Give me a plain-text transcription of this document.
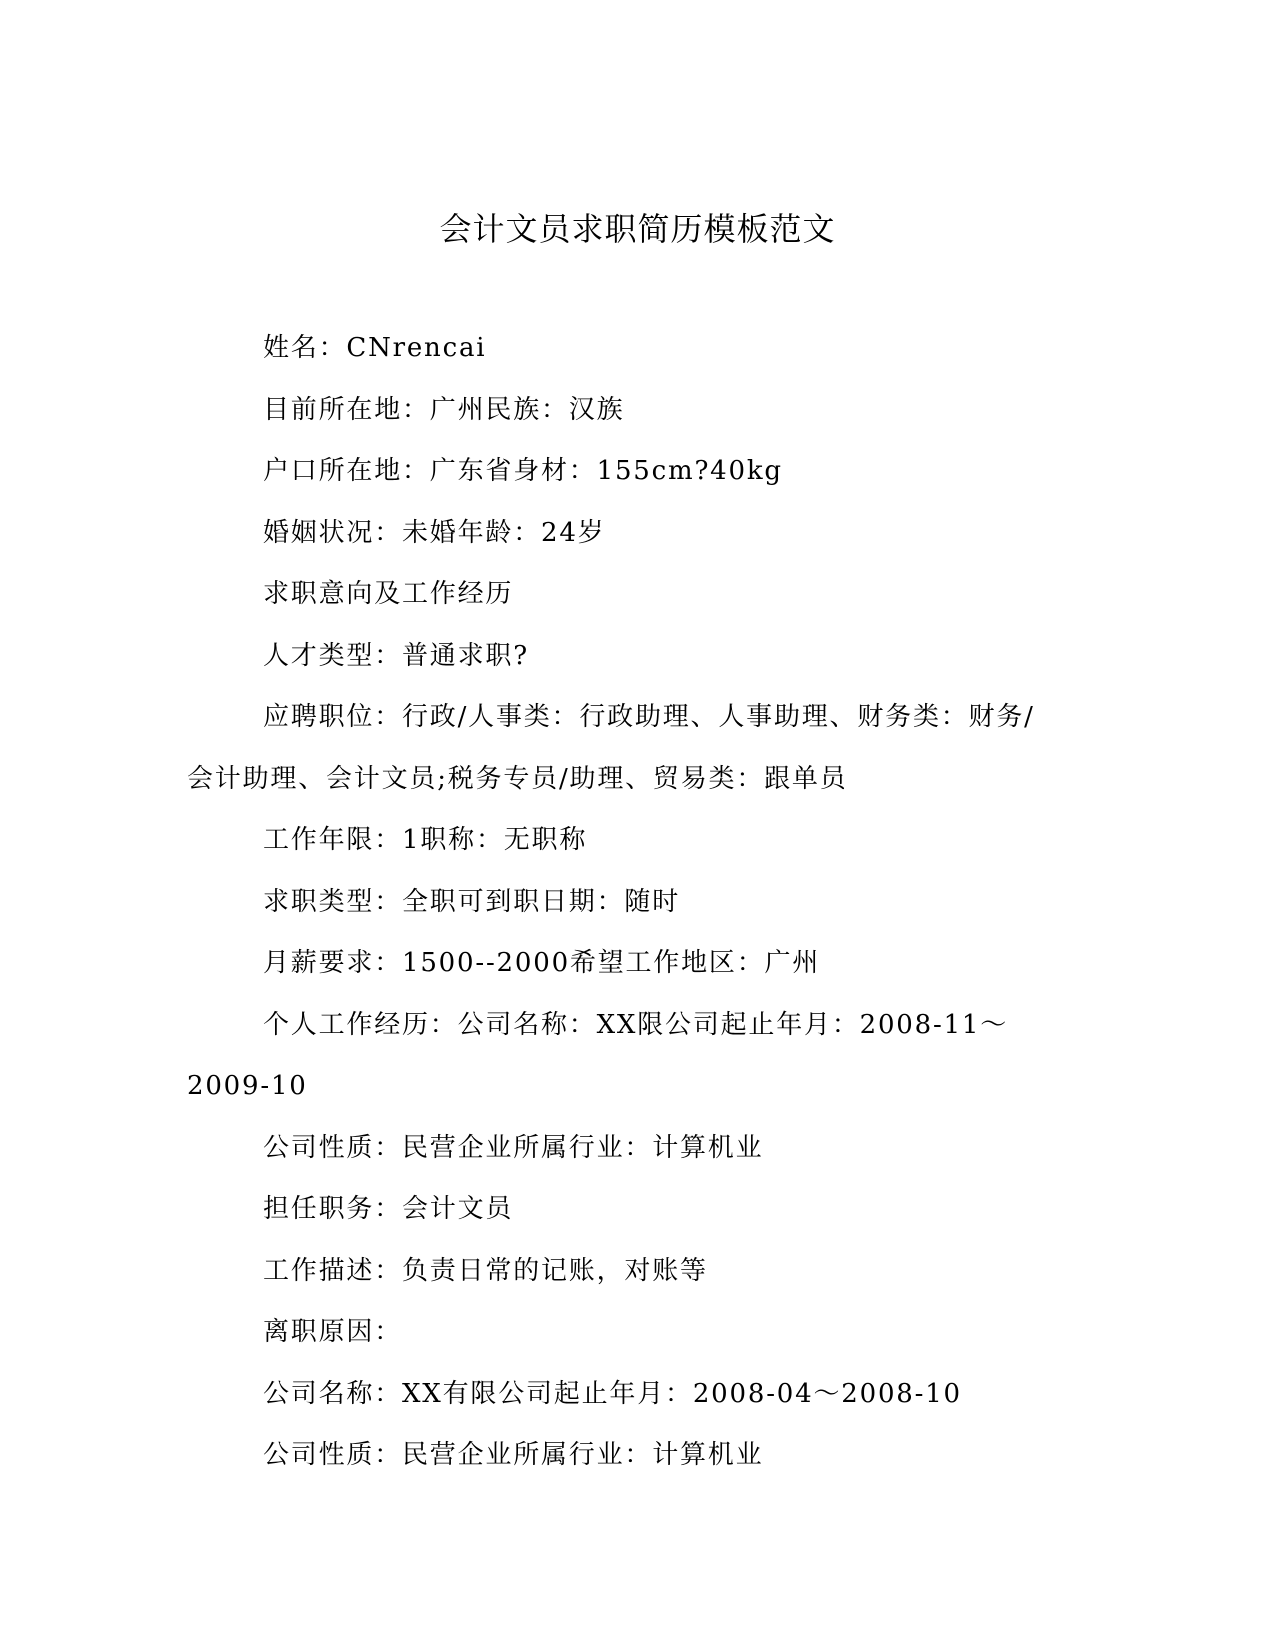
会计文员求职简历模板范文

姓名：CNrencai

目前所在地：广州民族：汉族

户口所在地：广东省身材：155cm?40kg

婚姻状况：未婚年龄：24岁

求职意向及工作经历

人才类型：普通求职?

应聘职位：行政/人事类：行政助理、人事助理、财务类：财务/

会计助理、会计文员;税务专员/助理、贸易类：跟单员

工作年限：1职称：无职称

求职类型：全职可到职日期：随时

月薪要求：1500--2000希望工作地区：广州

个人工作经历：公司名称：XX限公司起止年月：2008-11～

2009-10

公司性质：民营企业所属行业：计算机业

担任职务：会计文员

工作描述：负责日常的记账，对账等

离职原因：

公司名称：XX有限公司起止年月：2008-04～2008-10

公司性质：民营企业所属行业：计算机业
